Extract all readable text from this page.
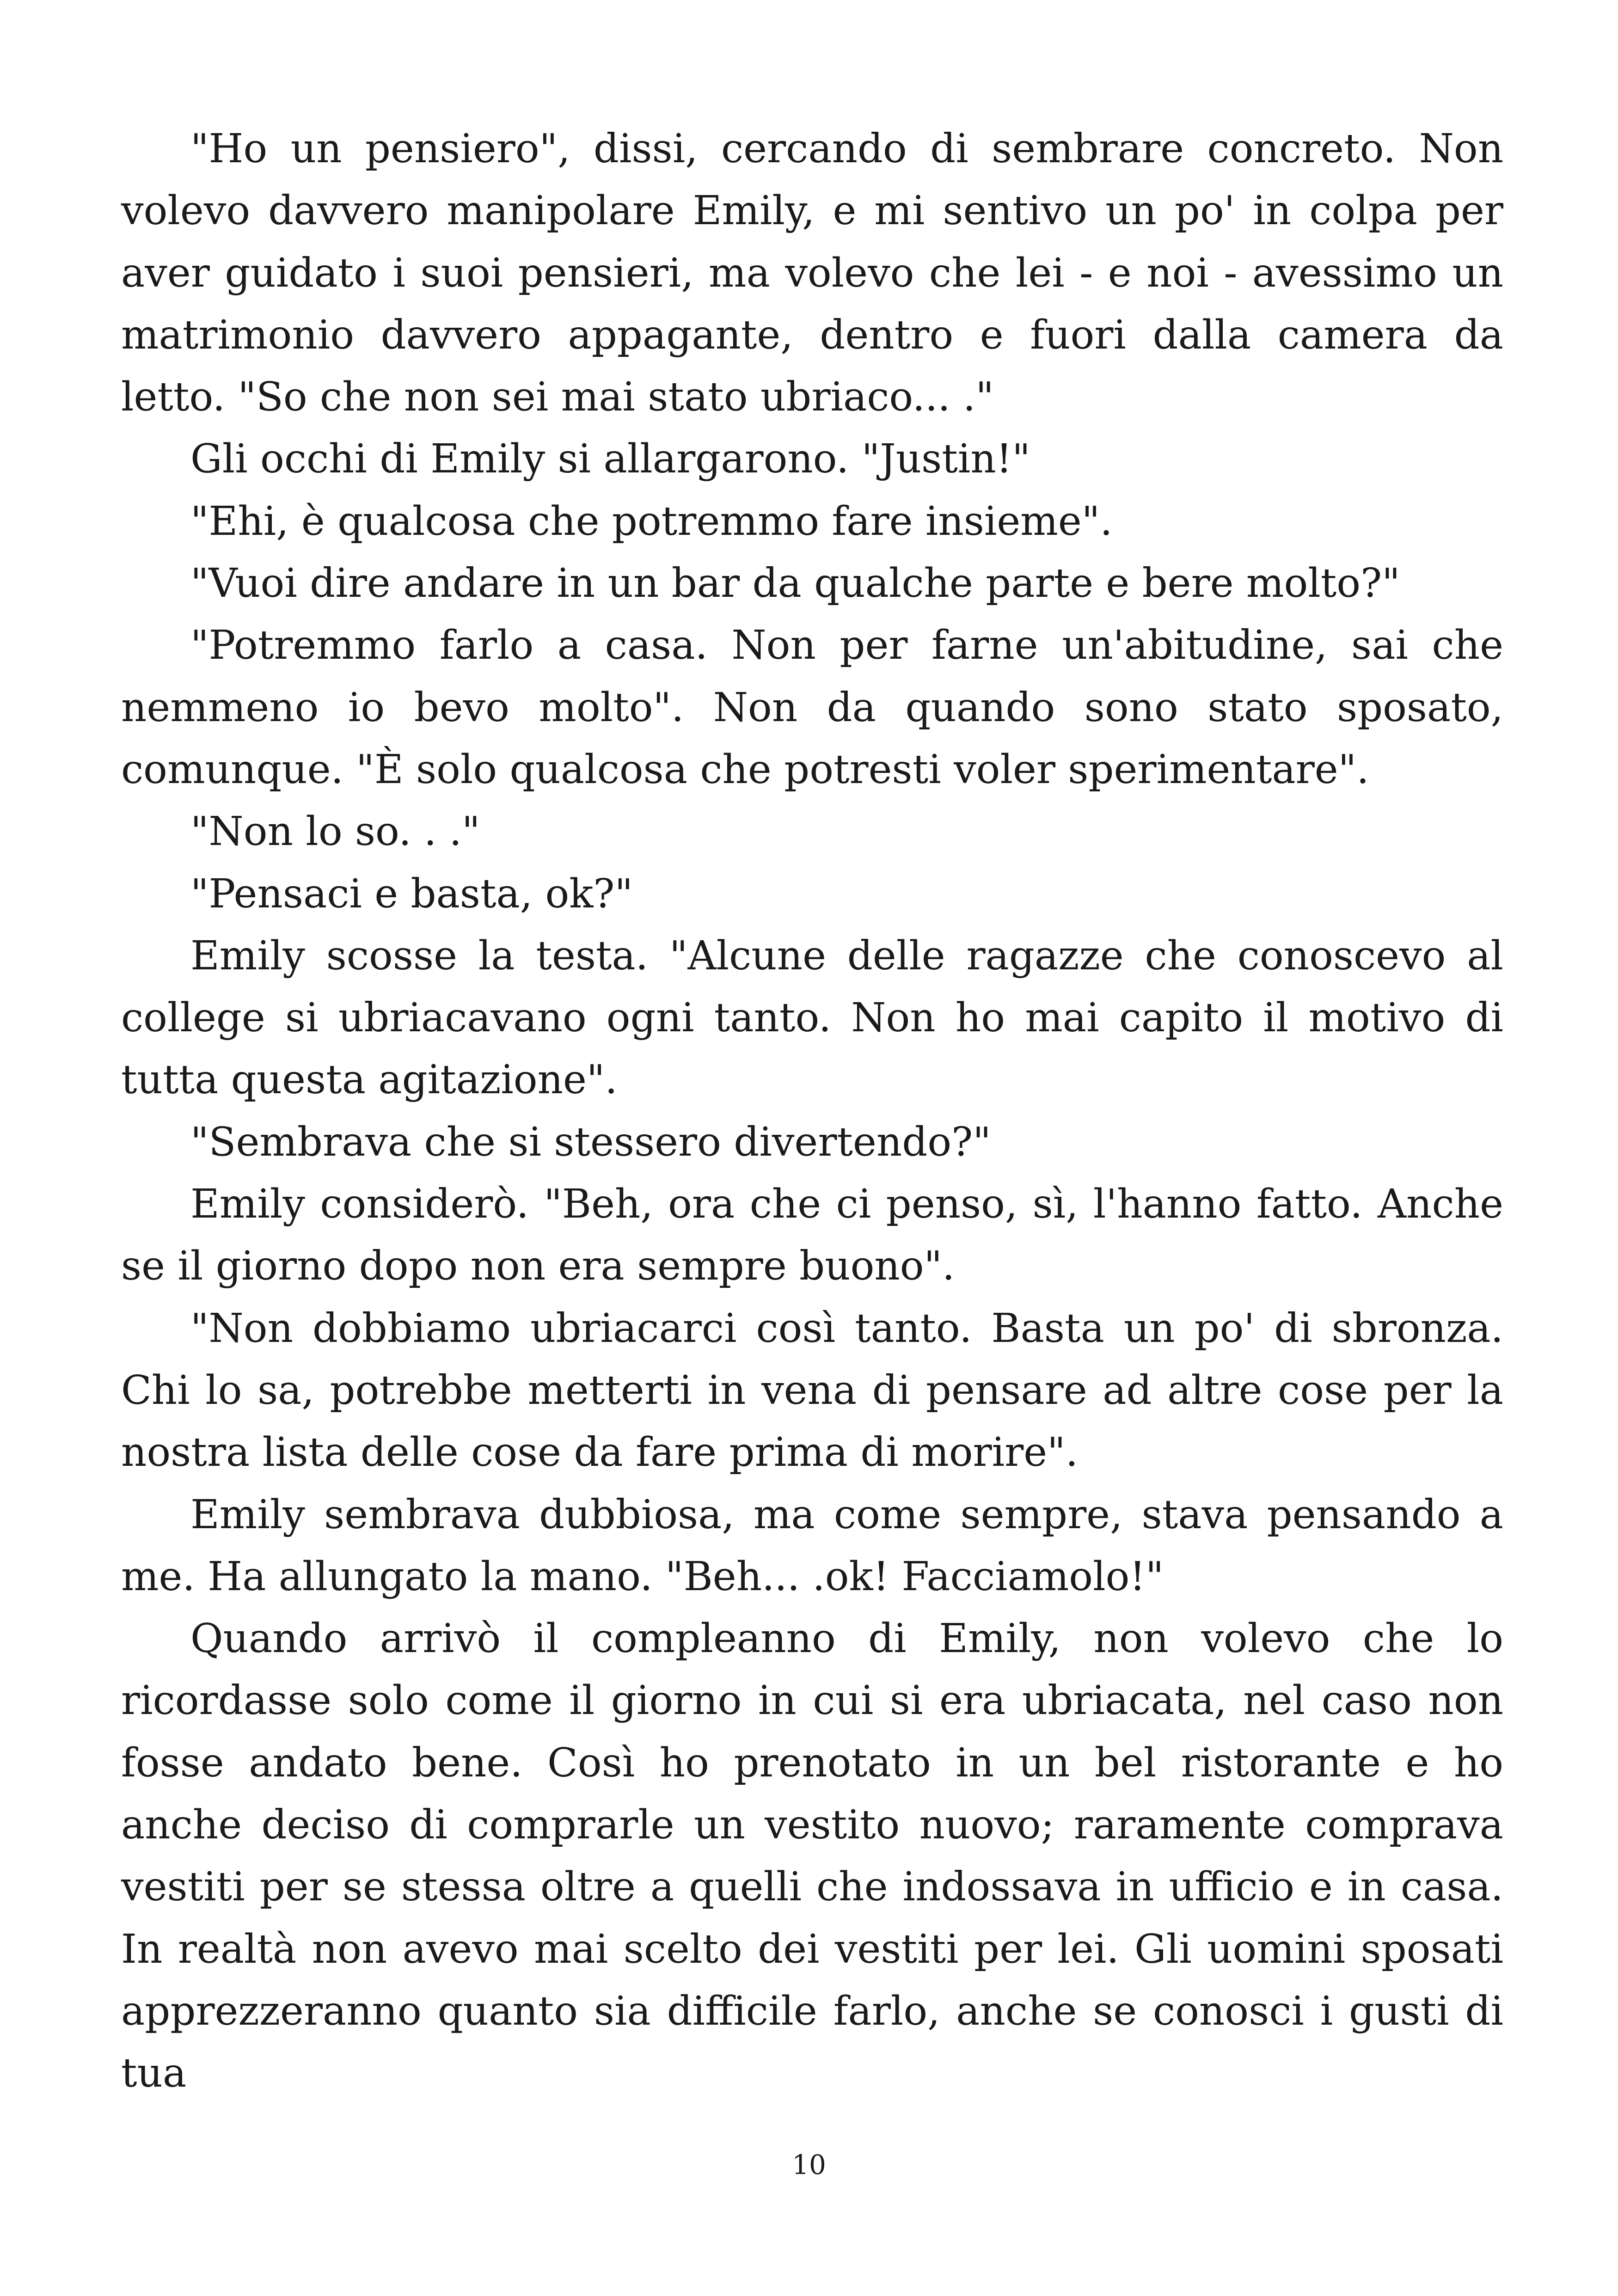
"Ho un pensiero", dissi, cercando di sembrare concreto. Non volevo davvero manipolare Emily, e mi sentivo un po' in colpa per aver guidato i suoi pensieri, ma volevo che lei - e noi - avessimo un matrimonio davvero appagante, dentro e fuori dalla camera da letto. "So che non sei mai stato ubriaco... ."

Gli occhi di Emily si allargarono. "Justin!"

"Ehi, è qualcosa che potremmo fare insieme".

"Vuoi dire andare in un bar da qualche parte e bere molto?"

"Potremmo farlo a casa. Non per farne un'abitudine, sai che nemmeno io bevo molto". Non da quando sono stato sposato, comunque. "È solo qualcosa che potresti voler sperimentare".

"Non lo so. . ."

"Pensaci e basta, ok?"

Emily scosse la testa. "Alcune delle ragazze che conoscevo al college si ubriacavano ogni tanto. Non ho mai capito il motivo di tutta questa agitazione".

"Sembrava che si stessero divertendo?"

Emily considerò. "Beh, ora che ci penso, sì, l'hanno fatto. Anche se il giorno dopo non era sempre buono".

"Non dobbiamo ubriacarci così tanto. Basta un po' di sbronza. Chi lo sa, potrebbe metterti in vena di pensare ad altre cose per la nostra lista delle cose da fare prima di morire".

Emily sembrava dubbiosa, ma come sempre, stava pensando a me. Ha allungato la mano. "Beh... .ok! Facciamolo!"

Quando arrivò il compleanno di Emily, non volevo che lo ricordasse solo come il giorno in cui si era ubriacata, nel caso non fosse andato bene. Così ho prenotato in un bel ristorante e ho anche deciso di comprarle un vestito nuovo; raramente comprava vestiti per se stessa oltre a quelli che indossava in ufficio e in casa. In realtà non avevo mai scelto dei vestiti per lei. Gli uomini sposati apprezzeranno quanto sia difficile farlo, anche se conosci i gusti di tua

10
